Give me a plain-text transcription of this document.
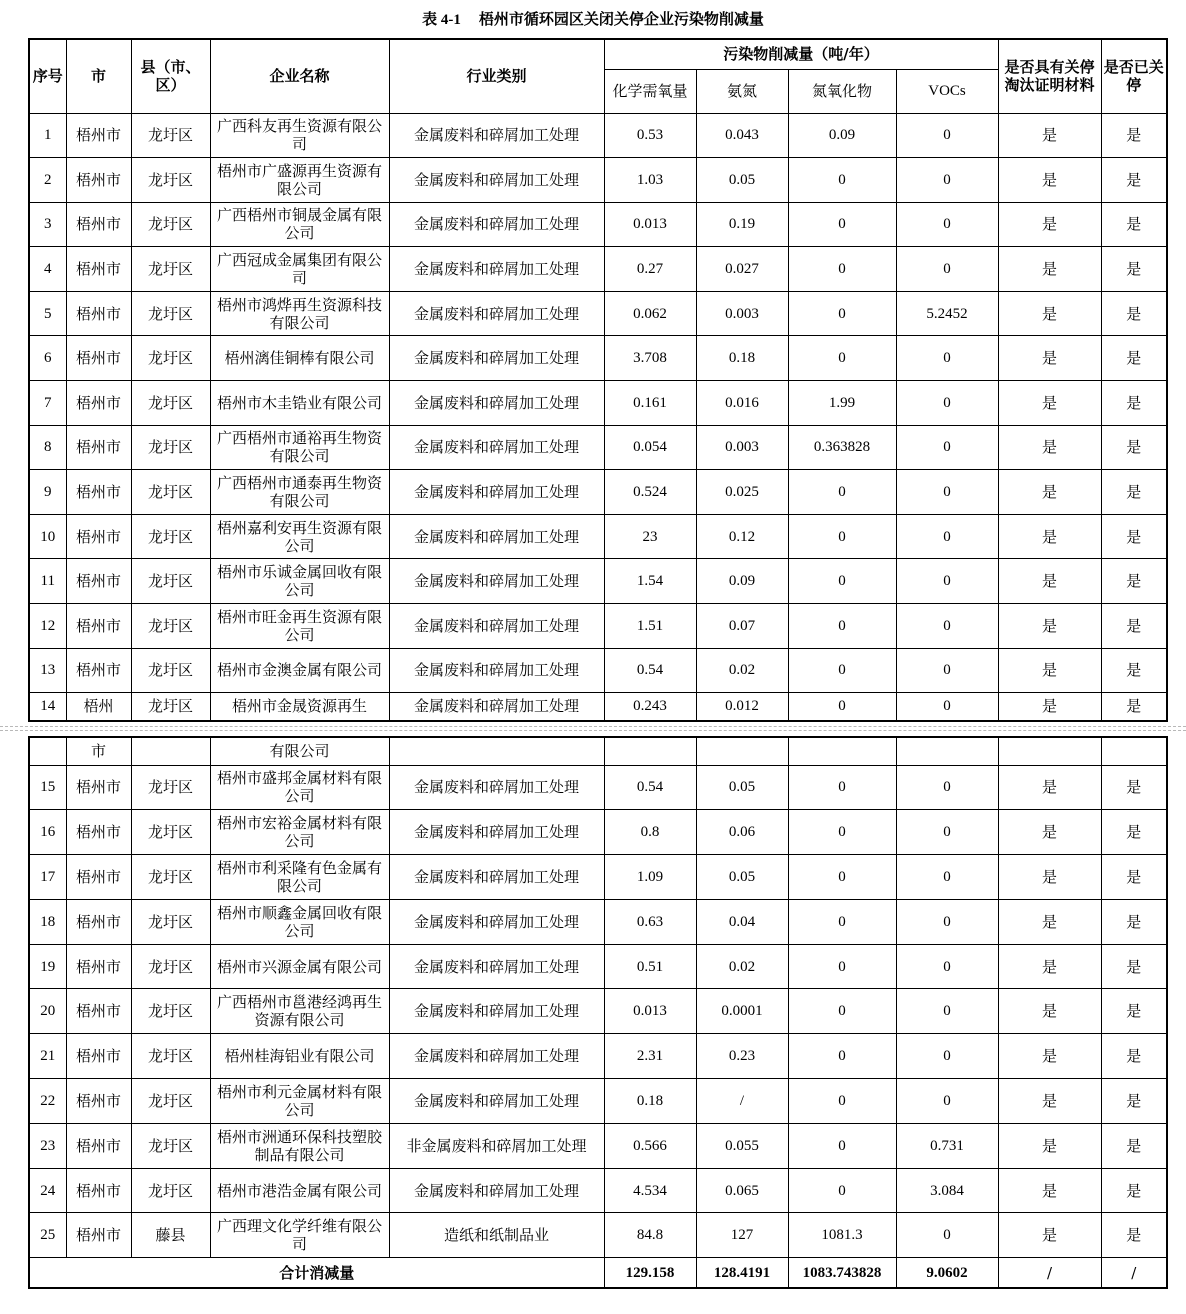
表 4-1 梧州市循环园区关闭关停企业污染物削减量
序号	市	县（市、区）	企业名称	行业类别	污染物削减量（吨/年）				是否具有关停淘汰证明材料	是否已关停
					化学需氧量	氨氮	氮氧化物	VOCs		
1	梧州市	龙圩区	广西科友再生资源有限公司	金属废料和碎屑加工处理	0.53	0.043	0.09	0	是	是
2	梧州市	龙圩区	梧州市广盛源再生资源有限公司	金属废料和碎屑加工处理	1.03	0.05	0	0	是	是
3	梧州市	龙圩区	广西梧州市铜晟金属有限公司	金属废料和碎屑加工处理	0.013	0.19	0	0	是	是
4	梧州市	龙圩区	广西冠成金属集团有限公司	金属废料和碎屑加工处理	0.27	0.027	0	0	是	是
5	梧州市	龙圩区	梧州市鸿烨再生资源科技有限公司	金属废料和碎屑加工处理	0.062	0.003	0	5.2452	是	是
6	梧州市	龙圩区	梧州漓佳铜棒有限公司	金属废料和碎屑加工处理	3.708	0.18	0	0	是	是
7	梧州市	龙圩区	梧州市木圭锆业有限公司	金属废料和碎屑加工处理	0.161	0.016	1.99	0	是	是
8	梧州市	龙圩区	广西梧州市通裕再生物资有限公司	金属废料和碎屑加工处理	0.054	0.003	0.363828	0	是	是
9	梧州市	龙圩区	广西梧州市通泰再生物资有限公司	金属废料和碎屑加工处理	0.524	0.025	0	0	是	是
10	梧州市	龙圩区	梧州嘉利安再生资源有限公司	金属废料和碎屑加工处理	23	0.12	0	0	是	是
11	梧州市	龙圩区	梧州市乐诚金属回收有限公司	金属废料和碎屑加工处理	1.54	0.09	0	0	是	是
12	梧州市	龙圩区	梧州市旺金再生资源有限公司	金属废料和碎屑加工处理	1.51	0.07	0	0	是	是
13	梧州市	龙圩区	梧州市金澳金属有限公司	金属废料和碎屑加工处理	0.54	0.02	0	0	是	是
14	梧州	龙圩区	梧州市金晟资源再生	金属废料和碎屑加工处理	0.243	0.012	0	0	是	是
	市		有限公司							
15	梧州市	龙圩区	梧州市盛邦金属材料有限公司	金属废料和碎屑加工处理	0.54	0.05	0	0	是	是
16	梧州市	龙圩区	梧州市宏裕金属材料有限公司	金属废料和碎屑加工处理	0.8	0.06	0	0	是	是
17	梧州市	龙圩区	梧州市利采隆有色金属有限公司	金属废料和碎屑加工处理	1.09	0.05	0	0	是	是
18	梧州市	龙圩区	梧州市顺鑫金属回收有限公司	金属废料和碎屑加工处理	0.63	0.04	0	0	是	是
19	梧州市	龙圩区	梧州市兴源金属有限公司	金属废料和碎屑加工处理	0.51	0.02	0	0	是	是
20	梧州市	龙圩区	广西梧州市邕港经鸿再生资源有限公司	金属废料和碎屑加工处理	0.013	0.0001	0	0	是	是
21	梧州市	龙圩区	梧州桂海铝业有限公司	金属废料和碎屑加工处理	2.31	0.23	0	0	是	是
22	梧州市	龙圩区	梧州市利元金属材料有限公司	金属废料和碎屑加工处理	0.18	/	0	0	是	是
23	梧州市	龙圩区	梧州市洲通环保科技塑胶制品有限公司	非金属废料和碎屑加工处理	0.566	0.055	0	0.731	是	是
24	梧州市	龙圩区	梧州市港浩金属有限公司	金属废料和碎屑加工处理	4.534	0.065	0	3.084	是	是
25	梧州市	藤县	广西理文化学纤维有限公司	造纸和纸制品业	84.8	127	1081.3	0	是	是
合计消减量					129.158	128.4191	1083.743828	9.0602	/	/
